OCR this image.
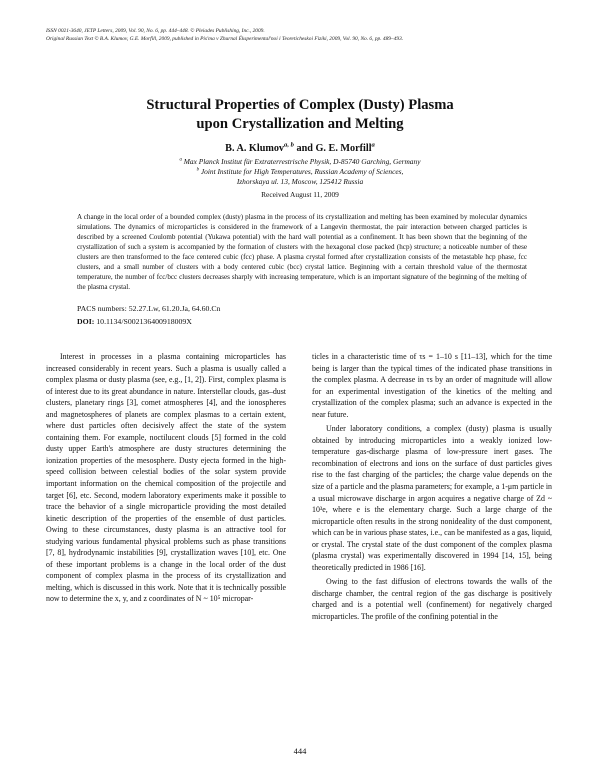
ISSN 0021-3640, JETP Letters, 2009, Vol. 90, No. 6, pp. 444–448. © Pleiades Publishing, Inc., 2009.
Original Russian Text © B.A. Klumov, G.E. Morfill, 2009, published in Pis'ma v Zhurnal Éksperimental'noi i Teoreticheskoi Fiziki, 2009, Vol. 90, No. 6, pp. 489–493.
Structural Properties of Complex (Dusty) Plasma
upon Crystallization and Melting
B. A. Klumov$^{a, b}$ and G. E. Morfill$^a$
$^a$ Max Planck Institut für Extraterrestrische Physik, D-85740 Garching, Germany
$^b$ Joint Institute for High Temperatures, Russian Academy of Sciences,
Izhorskaya ul. 13, Moscow, 125412 Russia
Received August 11, 2009
A change in the local order of a bounded complex (dusty) plasma in the process of its crystallization and melting has been examined by molecular dynamics simulations. The dynamics of microparticles is considered in the framework of a Langevin thermostat, the pair interaction between charged particles is described by a screened Coulomb potential (Yukawa potential) with the hard wall potential as a confinement. It has been shown that the beginning of the crystallization of such a system is accompanied by the formation of clusters with the hexagonal close packed (hcp) structure; a noticeable number of these clusters are then transformed to the face centered cubic (fcc) phase. A plasma crystal formed after crystallization consists of the metastable hcp phase, fcc clusters, and a small number of clusters with a body centered cubic (bcc) crystal lattice. Beginning with a certain threshold value of the thermostat temperature, the number of fcc/bcc clusters decreases sharply with increasing temperature, which is an important signature of the beginning of the melting of the plasma crystal.
PACS numbers: 52.27.Lw, 61.20.Ja, 64.60.Cn
DOI: 10.1134/S002136400918009X

Interest in processes in a plasma containing microparticles has increased considerably in recent years. Such a plasma is usually called a complex plasma or dusty plasma (see, e.g., [1, 2]). First, complex plasma is of interest due to its great abundance in nature. Interstellar clouds, gas–dust clusters, planetary rings [3], comet atmospheres [4], and the ionospheres and magnetospheres of planets are complex plasmas to a certain extent, where dust particles often decisively affect the state of the system containing them. For example, noctilucent clouds [5] formed in the cold dusty upper Earth's atmosphere are dusty structures determining the ionization properties of the mesosphere. Dusty ejecta formed in the high-speed collision between celestial bodies of the solar system provide important information on the chemical composition of the projectile and target [6], etc. Second, modern laboratory experiments make it possible to trace the behavior of a single microparticle providing the most detailed kinetic description of the properties of the ensemble of dust particles. Owing to these circumstances, dusty plasma is an attractive tool for studying various fundamental physical problems such as phase transitions [7, 8], hydrodynamic instabilities [9], crystallization waves [10], etc. One of these important problems is a change in the local order of the dust component of complex plasma in the process of its crystallization and melting, which is discussed in this work. Note that it is technically possible now to determine the x, y, and z coordinates of N ~ 10⁵ micropar-

ticles in a characteristic time of τs = 1–10 s [11–13], which for the time being is larger than the typical times of the indicated phase transitions in the complex plasma. A decrease in τs by an order of magnitude will allow for an experimental investigation of the kinetics of the melting and crystallization of the complex plasma; such an advance is expected in the near future.

Under laboratory conditions, a complex (dusty) plasma is usually obtained by introducing microparticles into a weakly ionized low-temperature gas-discharge plasma of low-pressure inert gases. The recombination of electrons and ions on the surface of dust particles gives rise to the fast charging of the particles; the charge value depends on the size of a particle and the plasma parameters; for example, a 1-μm particle in a usual microwave discharge in argon acquires a negative charge of Zd ~ 10³e, where e is the elementary charge. Such a large charge of the microparticle often results in the strong nonideality of the dust component, which can be in various phase states, i.e., can be manifested as a gas, liquid, or crystal. The crystal state of the dust component of the complex plasma (plasma crystal) was experimentally discovered in 1994 [14, 15], being theoretically predicted in 1986 [16].

Owing to the fast diffusion of electrons towards the walls of the discharge chamber, the central region of the gas discharge is positively charged and is a potential well (confinement) for negatively charged microparticles. The profile of the confining potential in the

444
